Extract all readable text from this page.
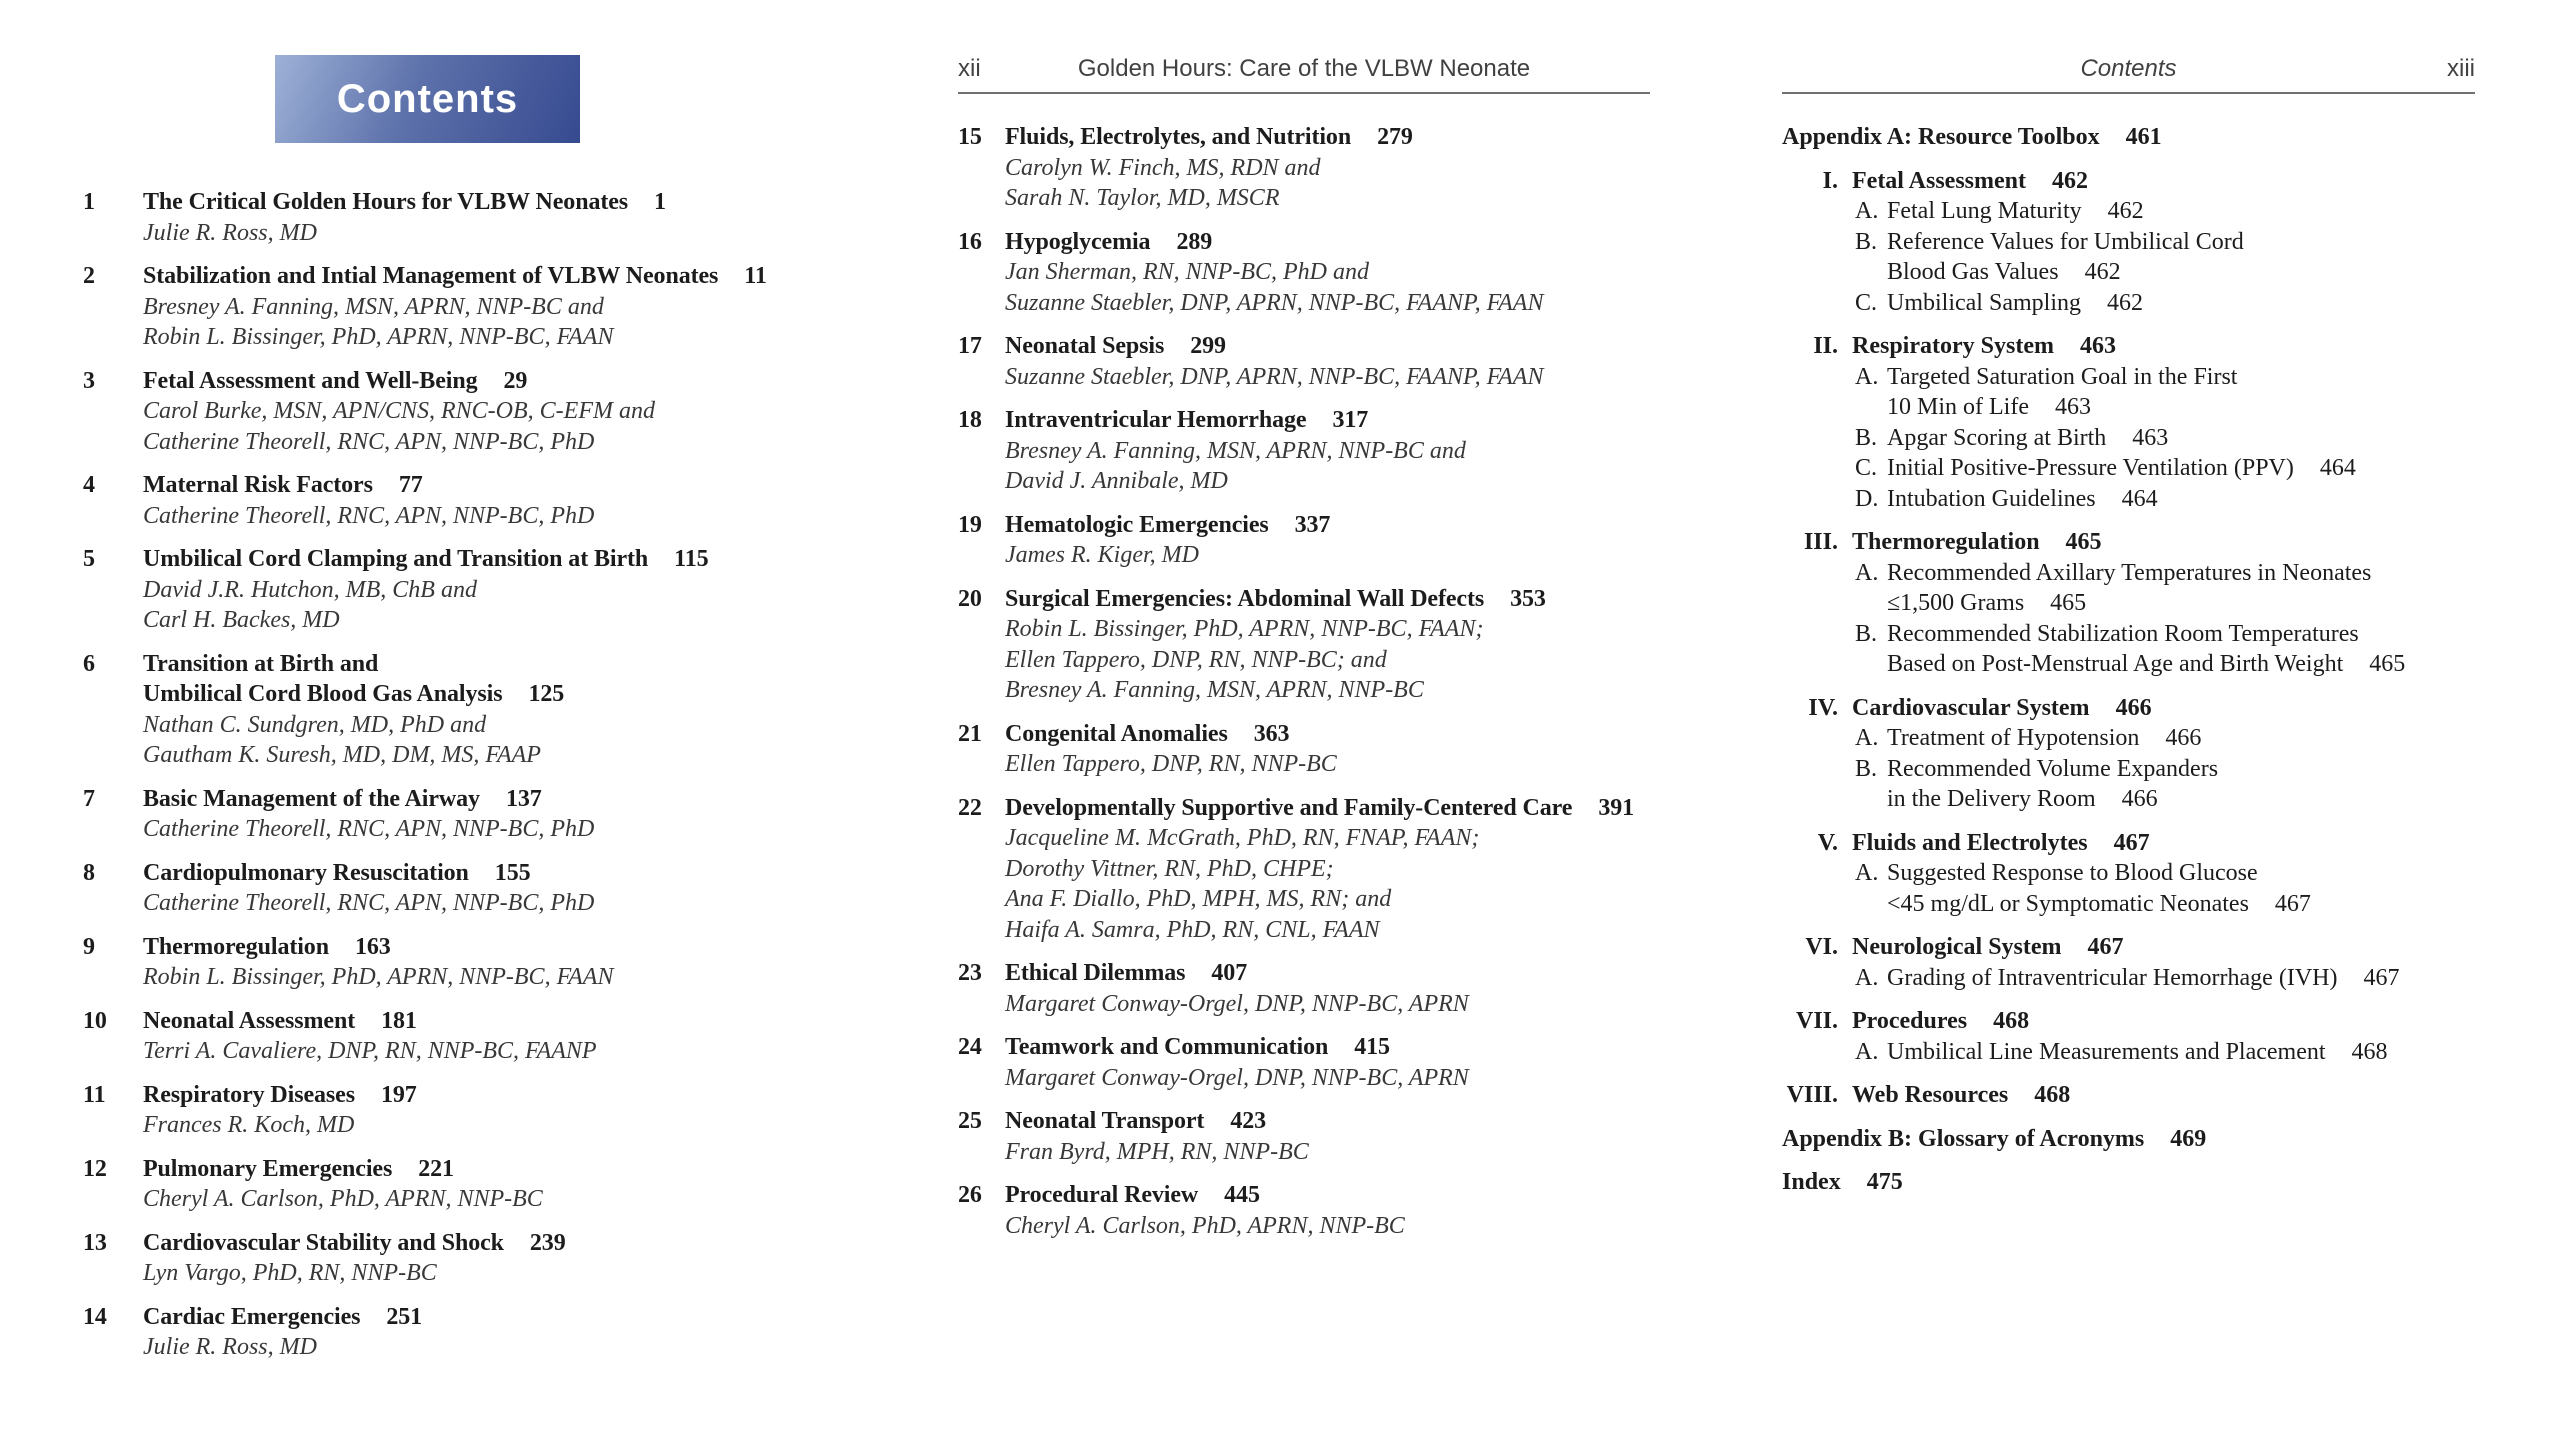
Contents
1	The Critical Golden Hours for VLBW Neonates 1
Julie R. Ross, MD
2	Stabilization and Intial Management of VLBW Neonates 11
Bresney A. Fanning, MSN, APRN, NNP-BC and
Robin L. Bissinger, PhD, APRN, NNP-BC, FAAN
3	Fetal Assessment and Well-Being 29
Carol Burke, MSN, APN/CNS, RNC-OB, C-EFM and
Catherine Theorell, RNC, APN, NNP-BC, PhD
4	Maternal Risk Factors 77
Catherine Theorell, RNC, APN, NNP-BC, PhD
5	Umbilical Cord Clamping and Transition at Birth 115
David J.R. Hutchon, MB, ChB and
Carl H. Backes, MD
6	Transition at Birth and
Umbilical Cord Blood Gas Analysis 125
Nathan C. Sundgren, MD, PhD and
Gautham K. Suresh, MD, DM, MS, FAAP
7	Basic Management of the Airway 137
Catherine Theorell, RNC, APN, NNP-BC, PhD
8	Cardiopulmonary Resuscitation 155
Catherine Theorell, RNC, APN, NNP-BC, PhD
9	Thermoregulation 163
Robin L. Bissinger, PhD, APRN, NNP-BC, FAAN
10	Neonatal Assessment 181
Terri A. Cavaliere, DNP, RN, NNP-BC, FAANP
11	Respiratory Diseases 197
Frances R. Koch, MD
12	Pulmonary Emergencies 221
Cheryl A. Carlson, PhD, APRN, NNP-BC
13	Cardiovascular Stability and Shock 239
Lyn Vargo, PhD, RN, NNP-BC
14	Cardiac Emergencies 251
Julie R. Ross, MD
xii	Golden Hours: Care of the VLBW Neonate
15 Fluids, Electrolytes, and Nutrition 279
Carolyn W. Finch, MS, RDN and
Sarah N. Taylor, MD, MSCR
16 Hypoglycemia 289
Jan Sherman, RN, NNP-BC, PhD and
Suzanne Staebler, DNP, APRN, NNP-BC, FAANP, FAAN
17 Neonatal Sepsis 299
Suzanne Staebler, DNP, APRN, NNP-BC, FAANP, FAAN
18 Intraventricular Hemorrhage 317
Bresney A. Fanning, MSN, APRN, NNP-BC and
David J. Annibale, MD
19 Hematologic Emergencies 337
James R. Kiger, MD
20 Surgical Emergencies: Abdominal Wall Defects 353
Robin L. Bissinger, PhD, APRN, NNP-BC, FAAN;
Ellen Tappero, DNP, RN, NNP-BC; and
Bresney A. Fanning, MSN, APRN, NNP-BC
21 Congenital Anomalies 363
Ellen Tappero, DNP, RN, NNP-BC
22 Developmentally Supportive and Family-Centered Care 391
Jacqueline M. McGrath, PhD, RN, FNAP, FAAN;
Dorothy Vittner, RN, PhD, CHPE;
Ana F. Diallo, PhD, MPH, MS, RN; and
Haifa A. Samra, PhD, RN, CNL, FAAN
23 Ethical Dilemmas 407
Margaret Conway-Orgel, DNP, NNP-BC, APRN
24 Teamwork and Communication 415
Margaret Conway-Orgel, DNP, NNP-BC, APRN
25 Neonatal Transport 423
Fran Byrd, MPH, RN, NNP-BC
26 Procedural Review 445
Cheryl A. Carlson, PhD, APRN, NNP-BC
Contents	xiii
Appendix A: Resource Toolbox 461
I. Fetal Assessment 462
A. Fetal Lung Maturity 462
B. Reference Values for Umbilical Cord
Blood Gas Values 462
C. Umbilical Sampling 462
II. Respiratory System 463
A. Targeted Saturation Goal in the First
10 Min of Life 463
B. Apgar Scoring at Birth 463
C. Initial Positive-Pressure Ventilation (PPV) 464
D. Intubation Guidelines 464
III. Thermoregulation 465
A. Recommended Axillary Temperatures in Neonates
≤1,500 Grams 465
B. Recommended Stabilization Room Temperatures
Based on Post-Menstrual Age and Birth Weight 465
IV. Cardiovascular System 466
A. Treatment of Hypotension 466
B. Recommended Volume Expanders
in the Delivery Room 466
V. Fluids and Electrolytes 467
A. Suggested Response to Blood Glucose
<45 mg/dL or Symptomatic Neonates 467
VI. Neurological System 467
A. Grading of Intraventricular Hemorrhage (IVH) 467
VII. Procedures 468
A. Umbilical Line Measurements and Placement 468
VIII. Web Resources 468
Appendix B: Glossary of Acronyms 469
Index 475
